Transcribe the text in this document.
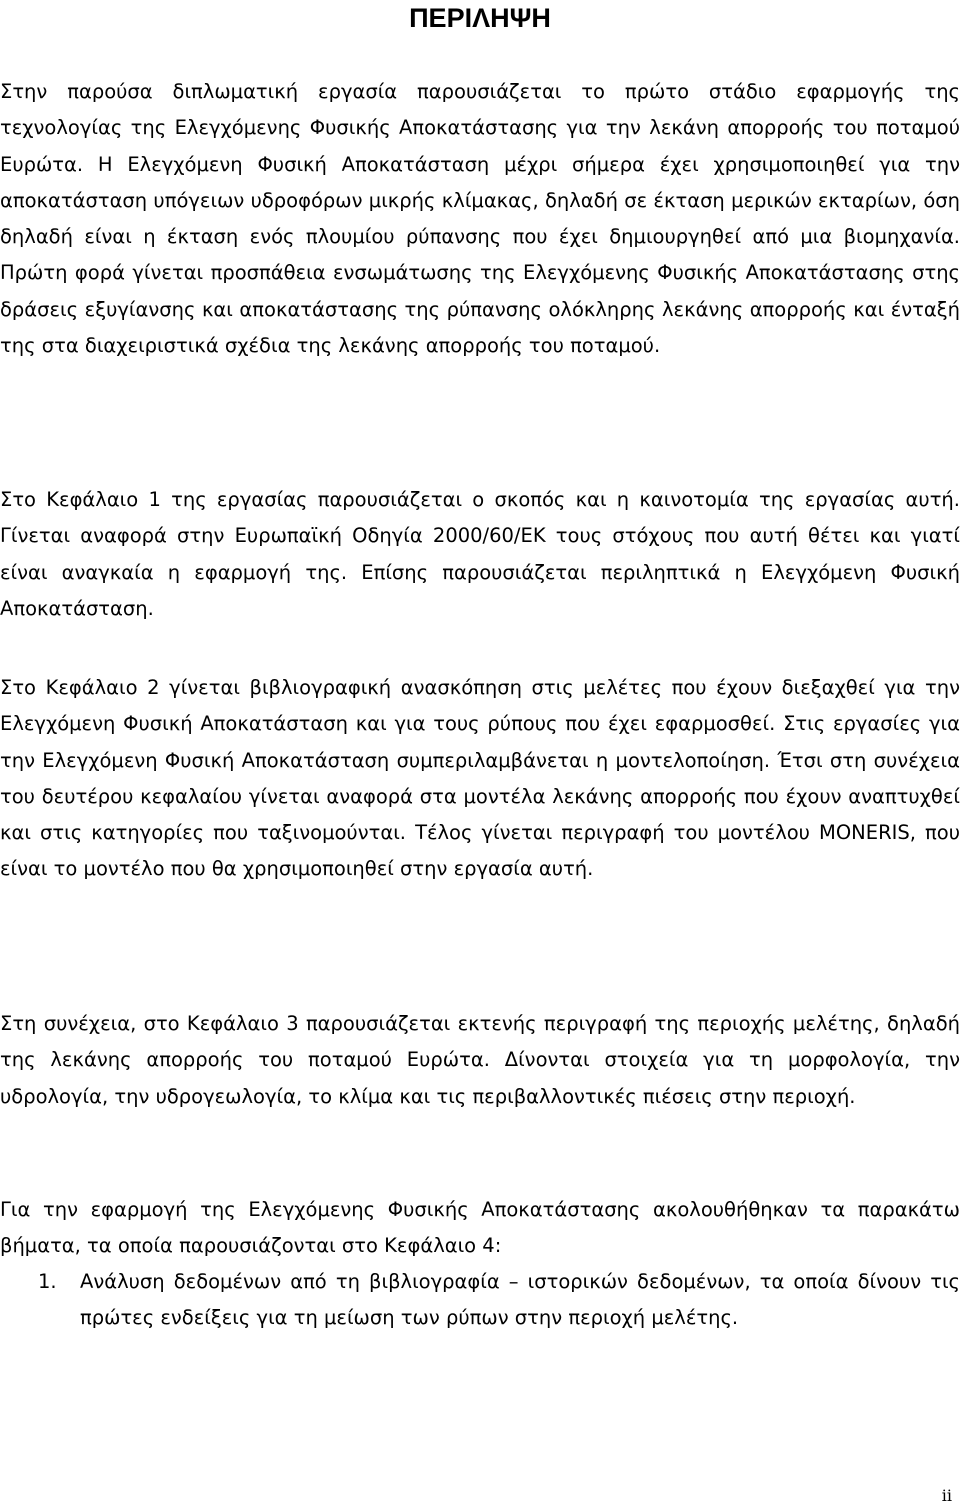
ΠΕΡΙΛΗΨΗ

Στην παρούσα διπλωματική εργασία παρουσιάζεται το πρώτο στάδιο εφαρμογής της τεχνολογίας της Ελεγχόμενης Φυσικής Αποκατάστασης για την λεκάνη απορροής του ποταμού Ευρώτα. Η Ελεγχόμενη Φυσική Αποκατάσταση μέχρι σήμερα έχει χρησιμοποιηθεί για την αποκατάσταση υπόγειων υδροφόρων μικρής κλίμακας, δηλαδή σε έκταση μερικών εκταρίων, όση δηλαδή είναι η έκταση ενός πλουμίου ρύπανσης που έχει δημιουργηθεί από μια βιομηχανία. Πρώτη φορά γίνεται προσπάθεια ενσωμάτωσης της Ελεγχόμενης Φυσικής Αποκατάστασης στης δράσεις εξυγίανσης και αποκατάστασης της ρύπανσης ολόκληρης λεκάνης απορροής και ένταξή της στα διαχειριστικά σχέδια της λεκάνης απορροής του ποταμού.

Στο Κεφάλαιο 1 της εργασίας παρουσιάζεται ο σκοπός και η καινοτομία της εργασίας αυτή. Γίνεται αναφορά στην Ευρωπαϊκή Οδηγία 2000/60/ΕΚ τους στόχους που αυτή θέτει και γιατί είναι αναγκαία η εφαρμογή της. Επίσης παρουσιάζεται περιληπτικά η Ελεγχόμενη Φυσική Αποκατάσταση.

Στο Κεφάλαιο 2 γίνεται βιβλιογραφική ανασκόπηση στις μελέτες που έχουν διεξαχθεί για την Ελεγχόμενη Φυσική Αποκατάσταση και για τους ρύπους που έχει εφαρμοσθεί. Στις εργασίες για την Ελεγχόμενη Φυσική Αποκατάσταση συμπεριλαμβάνεται η μοντελοποίηση. Έτσι στη συνέχεια του δευτέρου κεφαλαίου γίνεται αναφορά στα μοντέλα λεκάνης απορροής που έχουν αναπτυχθεί και στις κατηγορίες που ταξινομούνται. Τέλος γίνεται περιγραφή του μοντέλου MONERIS, που είναι το μοντέλο που θα χρησιμοποιηθεί στην εργασία αυτή.

Στη συνέχεια, στο Κεφάλαιο 3 παρουσιάζεται εκτενής περιγραφή της περιοχής μελέτης, δηλαδή της λεκάνης απορροής του ποταμού Ευρώτα. Δίνονται στοιχεία για τη μορφολογία, την υδρολογία, την υδρογεωλογία, το κλίμα και τις περιβαλλοντικές πιέσεις στην περιοχή.

Για την εφαρμογή της Ελεγχόμενης Φυσικής Αποκατάστασης ακολουθήθηκαν τα παρακάτω βήματα, τα οποία παρουσιάζονται στο Κεφάλαιο 4:

1. Ανάλυση δεδομένων από τη βιβλιογραφία – ιστορικών δεδομένων, τα οποία δίνουν τις πρώτες ενδείξεις για τη μείωση των ρύπων στην περιοχή μελέτης.
ii
